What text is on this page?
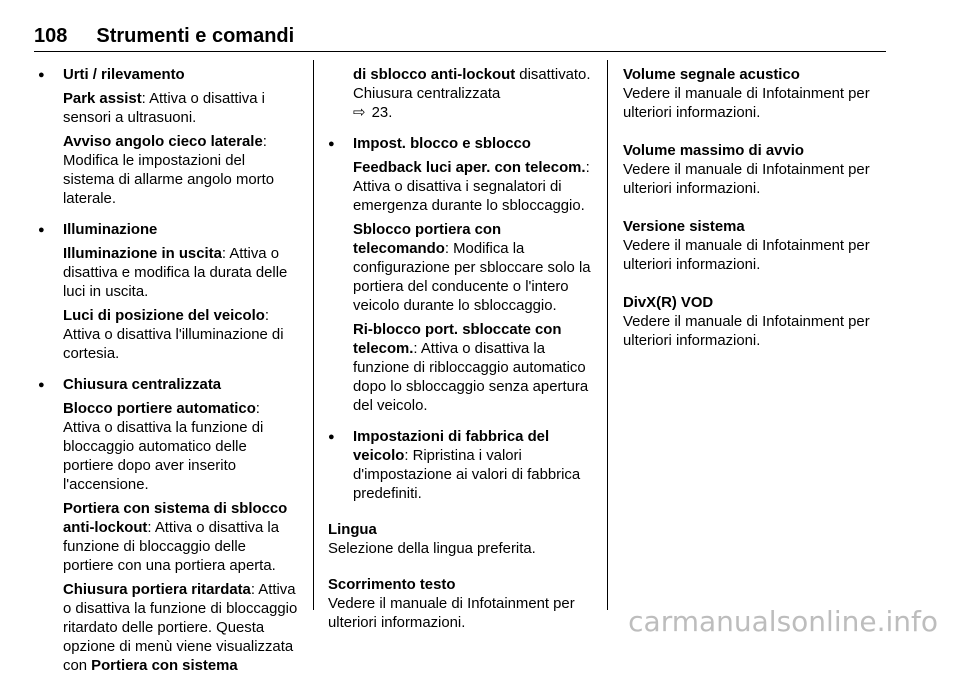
108 Strumenti e comandi

● Urti / rilevamento

Park assist: Attiva o disattiva i sensori a ultrasuoni.

Avviso angolo cieco laterale: Modifica le impostazioni del sistema di allarme angolo morto laterale.

● Illuminazione

Illuminazione in uscita: Attiva o disattiva e modifica la durata delle luci in uscita.

Luci di posizione del veicolo: Attiva o disattiva l'illuminazione di cortesia.

● Chiusura centralizzata

Blocco portiere automatico: Attiva o disattiva la funzione di bloccaggio automatico delle portiere dopo aver inserito l'accensione.

Portiera con sistema di sblocco anti-lockout: Attiva o disattiva la funzione di bloccaggio delle portiere con una portiera aperta.

Chiusura portiera ritardata: Attiva o disattiva la funzione di bloccaggio ritardato delle portiere. Questa opzione di menù viene visualizzata con Portiera con sistema

di sblocco anti-lockout disattivato. Chiusura centralizzata
⇨ 23.

● Impost. blocco e sblocco

Feedback luci aper. con telecom.: Attiva o disattiva i segnalatori di emergenza durante lo sbloccaggio.

Sblocco portiera con telecomando: Modifica la configurazione per sbloccare solo la portiera del conducente o l'intero veicolo durante lo sbloccaggio.

Ri-blocco port. sbloccate con telecom.: Attiva o disattiva la funzione di ribloccaggio automatico dopo lo sbloccaggio senza apertura del veicolo.

● Impostazioni di fabbrica del veicolo: Ripristina i valori d'impostazione ai valori di fabbrica predefiniti.

Lingua

Selezione della lingua preferita.

Scorrimento testo

Vedere il manuale di Infotainment per ulteriori informazioni.

Volume segnale acustico

Vedere il manuale di Infotainment per ulteriori informazioni.

Volume massimo di avvio

Vedere il manuale di Infotainment per ulteriori informazioni.

Versione sistema

Vedere il manuale di Infotainment per ulteriori informazioni.

DivX(R) VOD

Vedere il manuale di Infotainment per ulteriori informazioni.

carmanualsonline.info
